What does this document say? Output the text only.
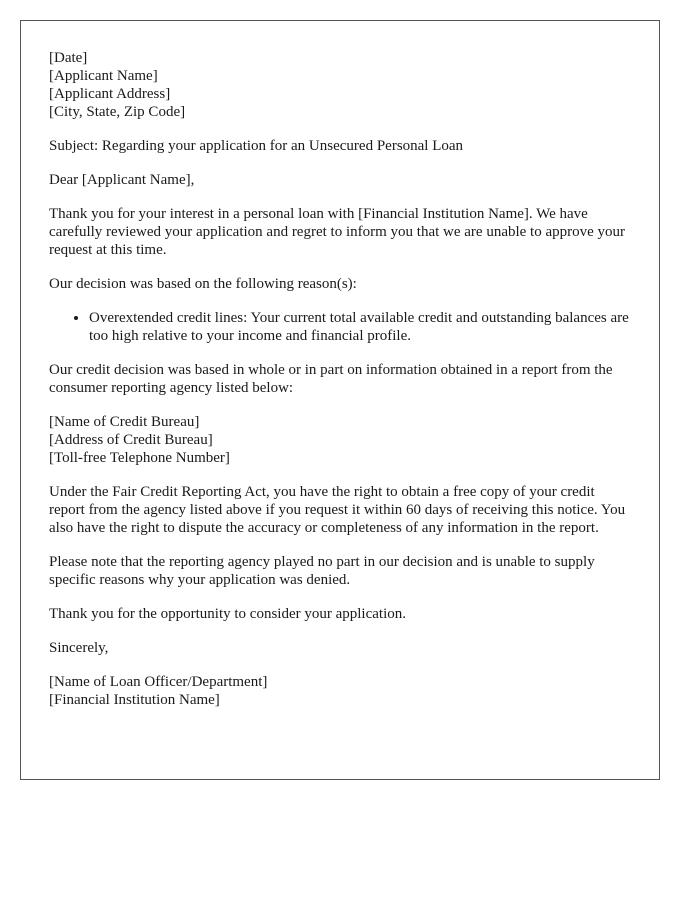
[Date]
[Applicant Name]
[Applicant Address]
[City, State, Zip Code]

Subject: Regarding your application for an Unsecured Personal Loan

Dear [Applicant Name],

Thank you for your interest in a personal loan with [Financial Institution Name]. We have carefully reviewed your application and regret to inform you that we are unable to approve your request at this time.

Our decision was based on the following reason(s):

• Overextended credit lines: Your current total available credit and outstanding balances are too high relative to your income and financial profile.

Our credit decision was based in whole or in part on information obtained in a report from the consumer reporting agency listed below:

[Name of Credit Bureau]
[Address of Credit Bureau]
[Toll-free Telephone Number]

Under the Fair Credit Reporting Act, you have the right to obtain a free copy of your credit report from the agency listed above if you request it within 60 days of receiving this notice. You also have the right to dispute the accuracy or completeness of any information in the report.

Please note that the reporting agency played no part in our decision and is unable to supply specific reasons why your application was denied.

Thank you for the opportunity to consider your application.

Sincerely,

[Name of Loan Officer/Department]
[Financial Institution Name]
